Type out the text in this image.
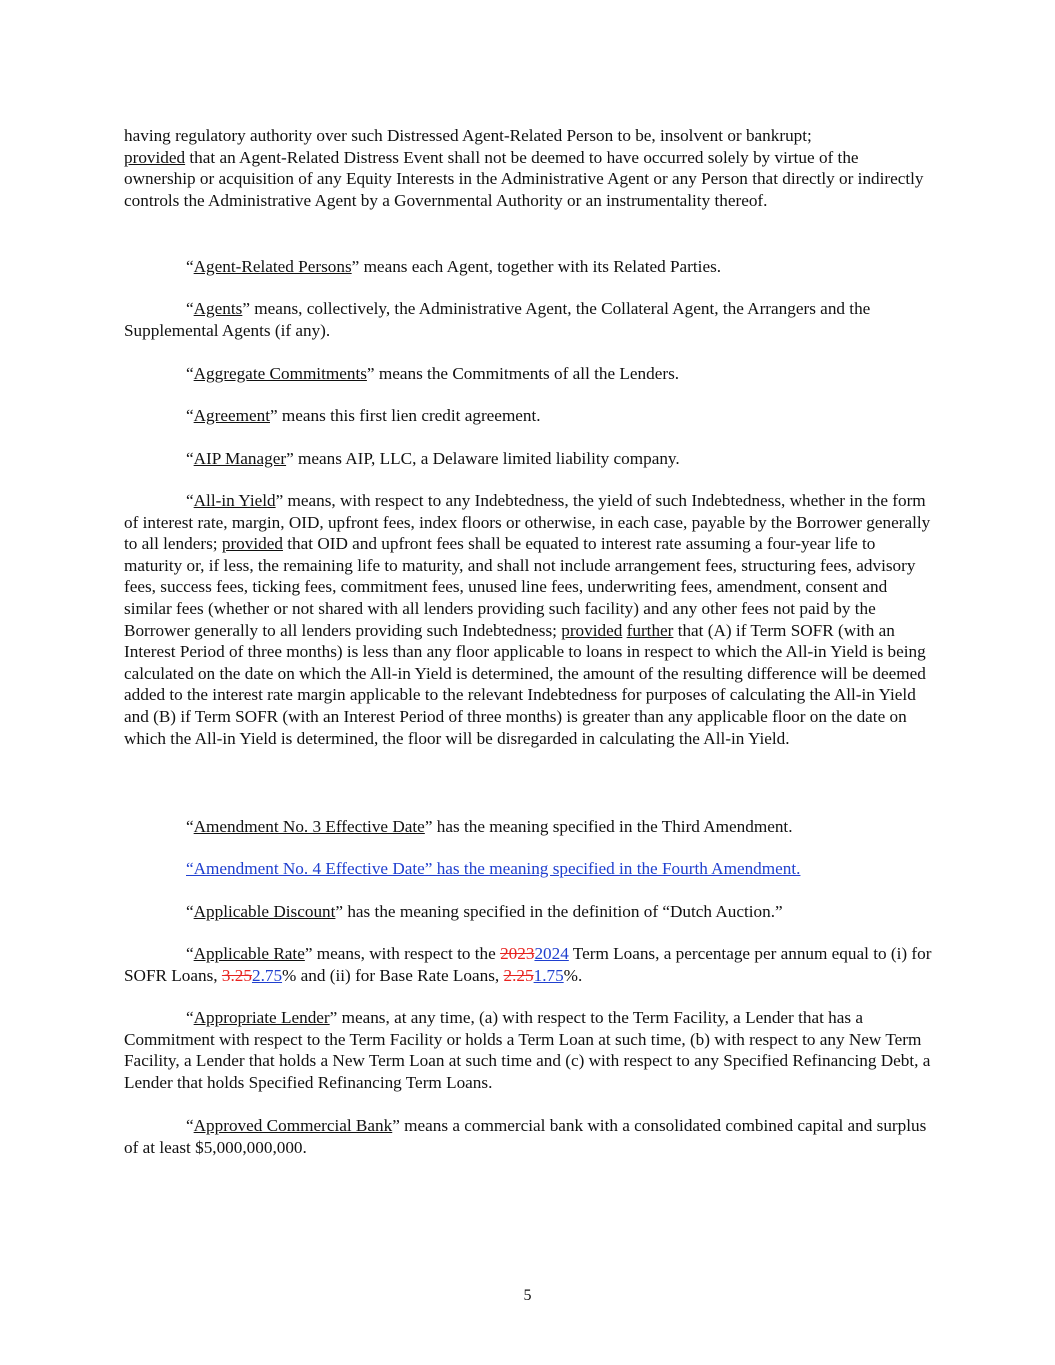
having regulatory authority over such Distressed Agent-Related Person to be, insolvent or bankrupt;
provided that an Agent-Related Distress Event shall not be deemed to have occurred solely by virtue of the ownership or acquisition of any Equity Interests in the Administrative Agent or any Person that directly or indirectly controls the Administrative Agent by a Governmental Authority or an instrumentality thereof.

“Agent-Related Persons” means each Agent, together with its Related Parties.

“Agents” means, collectively, the Administrative Agent, the Collateral Agent, the Arrangers and the Supplemental Agents (if any).

“Aggregate Commitments” means the Commitments of all the Lenders.

“Agreement” means this first lien credit agreement.

“AIP Manager” means AIP, LLC, a Delaware limited liability company.

“All-in Yield” means, with respect to any Indebtedness, the yield of such Indebtedness, whether in the form of interest rate, margin, OID, upfront fees, index floors or otherwise, in each case, payable by the Borrower generally to all lenders; provided that OID and upfront fees shall be equated to interest rate assuming a four-year life to maturity or, if less, the remaining life to maturity, and shall not include arrangement fees, structuring fees, advisory fees, success fees, ticking fees, commitment fees, unused line fees, underwriting fees, amendment, consent and similar fees (whether or not shared with all lenders providing such facility) and any other fees not paid by the Borrower generally to all lenders providing such Indebtedness; provided further that (A) if Term SOFR (with an Interest Period of three months) is less than any floor applicable to loans in respect to which the All-in Yield is being calculated on the date on which the All-in Yield is determined, the amount of the resulting difference will be deemed added to the interest rate margin applicable to the relevant Indebtedness for purposes of calculating the All-in Yield and (B) if Term SOFR (with an Interest Period of three months) is greater than any applicable floor on the date on which the All-in Yield is determined, the floor will be disregarded in calculating the All-in Yield.

“Amendment No. 3 Effective Date” has the meaning specified in the Third Amendment.

“Amendment No. 4 Effective Date” has the meaning specified in the Fourth Amendment.

“Applicable Discount” has the meaning specified in the definition of “Dutch Auction.”

“Applicable Rate” means, with respect to the 20232024 Term Loans, a percentage per annum equal to (i) for SOFR Loans, 3.252.75% and (ii) for Base Rate Loans, 2.251.75%.

“Appropriate Lender” means, at any time, (a) with respect to the Term Facility, a Lender that has a Commitment with respect to the Term Facility or holds a Term Loan at such time, (b) with respect to any New Term Facility, a Lender that holds a New Term Loan at such time and (c) with respect to any Specified Refinancing Debt, a Lender that holds Specified Refinancing Term Loans.

“Approved Commercial Bank” means a commercial bank with a consolidated combined capital and surplus of at least $5,000,000,000.

5
